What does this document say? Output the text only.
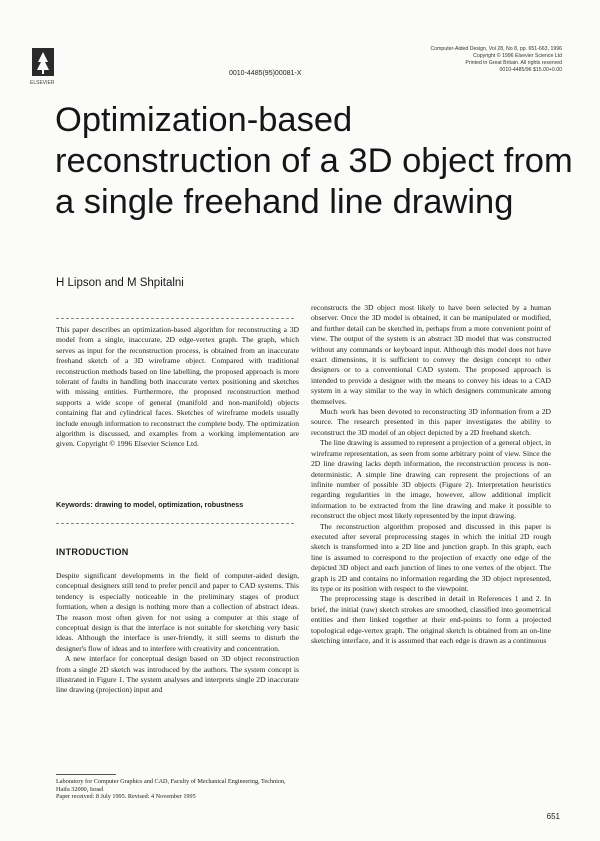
ELSEVIER
Computer-Aided Design, Vol 28, No 8, pp. 651-663, 1996
Copyright © 1996 Elsevier Science Ltd
Printed in Great Britain. All rights reserved
0010-4485/96 $15.00+0.00
0010-4485(95)00081-X
Optimization-based reconstruction of a 3D object from a single freehand line drawing
H Lipson and M Shpitalni

This paper describes an optimization-based algorithm for reconstructing a 3D model from a single, inaccurate, 2D edge-vertex graph. The graph, which serves as input for the reconstruction process, is obtained from an inaccurate freehand sketch of a 3D wireframe object. Compared with traditional reconstruction methods based on line labelling, the proposed approach is more tolerant of faults in handling both inaccurate vertex positioning and sketches with missing entities. Furthermore, the proposed reconstruction method supports a wide scope of general (manifold and non-manifold) objects containing flat and cylindrical faces. Sketches of wireframe models usually include enough information to reconstruct the complete body. The optimization algorithm is discussed, and examples from a working implementation are given. Copyright © 1996 Elsevier Science Ltd.

Keywords: drawing to model, optimization, robustness
INTRODUCTION

Despite significant developments in the field of computer-aided design, conceptual designers still tend to prefer pencil and paper to CAD systems. This tendency is especially noticeable in the preliminary stages of product formation, when a design is nothing more than a collection of abstract ideas. The reason most often given for not using a computer at this stage of conceptual design is that the interface is not suitable for sketching very basic ideas. Although the interface is user-friendly, it still seems to disturb the designer's flow of ideas and to interfere with creativity and concentration.

A new interface for conceptual design based on 3D object reconstruction from a single 2D sketch was introduced by the authors. The system concept is illustrated in Figure 1. The system analyses and interprets single 2D inaccurate line drawing (projection) input and

Laboratory for Computer Graphics and CAD, Faculty of Mechanical Engineering, Technion, Haifa 32000, Israel
Paper received: 8 July 1995. Revised: 4 November 1995

reconstructs the 3D object most likely to have been selected by a human observer. Once the 3D model is obtained, it can be manipulated or modified, and further detail can be sketched in, perhaps from a more convenient point of view. The output of the system is an abstract 3D model that was constructed without any commands or keyboard input. Although this model does not have exact dimensions, it is sufficient to convey the design concept to other designers or to a conventional CAD system. The proposed approach is intended to provide a designer with the means to convey his ideas to a CAD system in a way similar to the way in which designers communicate among themselves.

Much work has been devoted to reconstructing 3D information from a 2D source. The research presented in this paper investigates the ability to reconstruct the 3D model of an object depicted by a 2D freehand sketch.

The line drawing is assumed to represent a projection of a general object, in wireframe representation, as seen from some arbitrary point of view. Since the 2D line drawing lacks depth information, the reconstruction process is non-deterministic. A simple line drawing can represent the projections of an infinite number of possible 3D objects (Figure 2). Interpretation heuristics regarding regularities in the image, however, allow additional implicit information to be extracted from the line drawing and make it possible to reconstruct the object most likely represented by the input drawing.

The reconstruction algorithm proposed and discussed in this paper is executed after several preprocessing stages in which the initial 2D rough sketch is transformed into a 2D line and junction graph. In this graph, each line is assumed to correspond to the projection of exactly one edge of the depicted 3D object and each junction of lines to one vertex of the object. The graph is 2D and contains no information regarding the 3D object represented, its type or its position with respect to the viewpoint.

The preprocessing stage is described in detail in References 1 and 2. In brief, the initial (raw) sketch strokes are smoothed, classified into geometrical entities and then linked together at their end-points to form a projected topological edge-vertex graph. The original sketch is obtained from an on-line sketching interface, and it is assumed that each edge is drawn as a continuous

651
